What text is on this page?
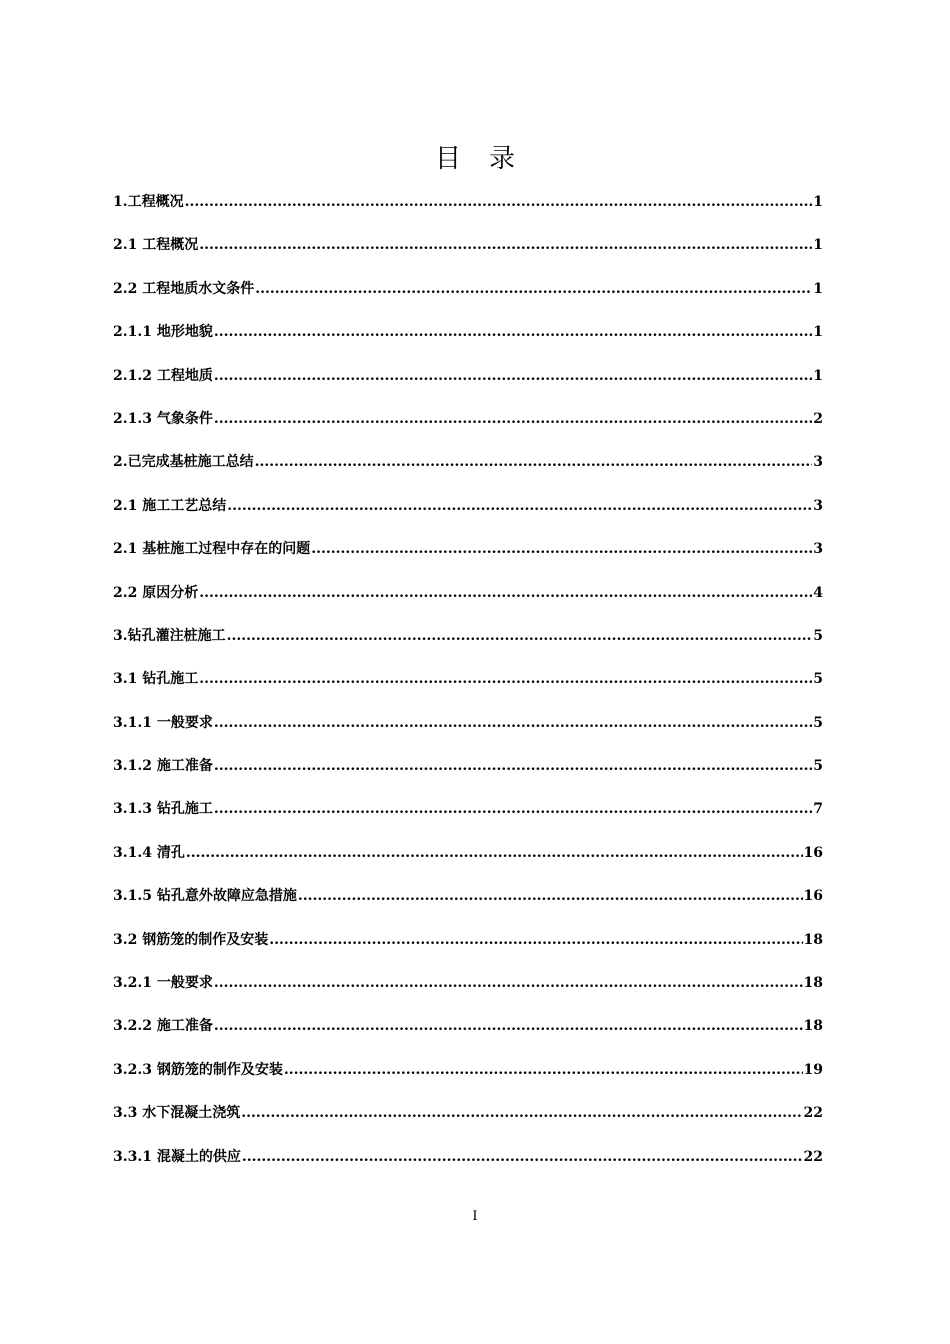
目录
1.工程概况 .....	1
2.1 工程概况 .....	1
2.2 工程地质水文条件 .....	1
2.1.1 地形地貌 .....	1
2.1.2 工程地质 .....	1
2.1.3 气象条件 .....	2
2.已完成基桩施工总结 .....	3
2.1 施工工艺总结 .....	3
2.1 基桩施工过程中存在的问题 .....	3
2.2 原因分析 .....	4
3.钻孔灌注桩施工 .....	5
3.1 钻孔施工 .....	5
3.1.1 一般要求 .....	5
3.1.2 施工准备 .....	5
3.1.3 钻孔施工 .....	7
3.1.4 清孔 .....	16
3.1.5 钻孔意外故障应急措施 .....	16
3.2 钢筋笼的制作及安装 .....	18
3.2.1 一般要求 .....	18
3.2.2 施工准备 .....	18
3.2.3 钢筋笼的制作及安装 .....	19
3.3 水下混凝土浇筑 .....	22
3.3.1 混凝土的供应 .....	22
I
